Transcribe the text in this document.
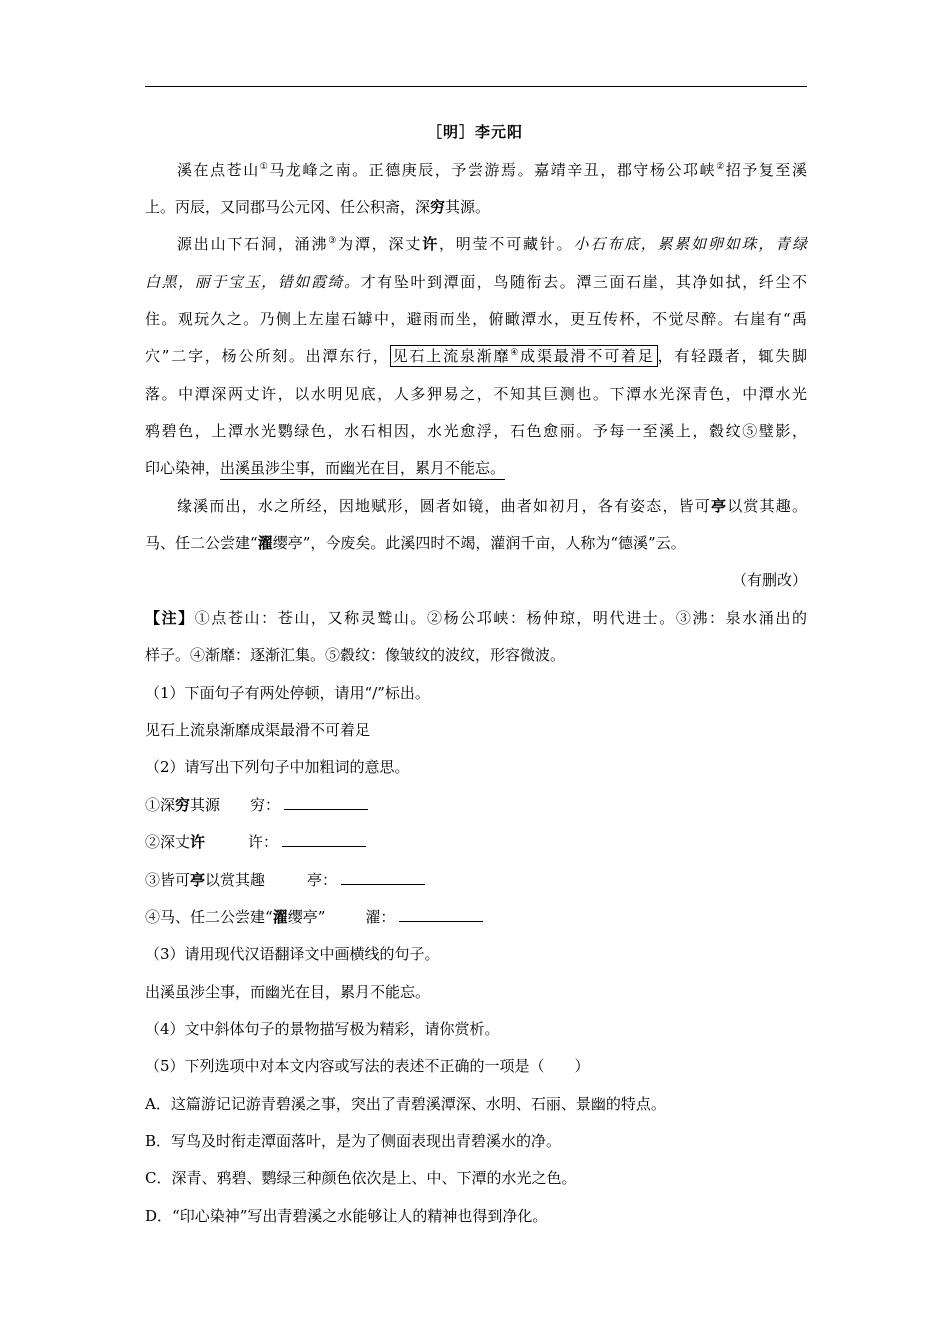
［明］李元阳
溪在点苍山①马龙峰之南。正德庚辰，予尝游焉。嘉靖辛丑，郡守杨公邛峡②招予复至溪
上。丙辰，又同郡马公元冈、任公积斋，深穷其源。
源出山下石洞，涌沸③为潭，深丈许，明莹不可藏针。小石布底，累累如卵如珠，青绿
白黑，丽于宝玉，错如霞绮。才有坠叶到潭面，鸟随衔去。潭三面石崖，其净如拭，纤尘不
住。观玩久之。乃侧上左崖石罅中，避雨而坐，俯瞰潭水，更互传杯，不觉尽醉。右崖有“禹
穴”二字，杨公所刻。出潭东行， 见石上流泉渐靡④成渠最滑不可着足 ，有轻蹑者，辄失脚
落。中潭深两丈许，以水明见底，人多狎易之，不知其巨测也。下潭水光深青色，中潭水光
鸦碧色，上潭水光鹦绿色，水石相因，水光愈浮，石色愈丽。予每一至溪上，縠纹⑤璧影，
印心染神，出溪虽涉尘事，而幽光在目，累月不能忘。
缘溪而出，水之所经，因地赋形，圆者如镜，曲者如初月，各有姿态，皆可亭以赏其趣。
马、任二公尝建“濯缨亭”，今废矣。此溪四时不竭，灌润千亩，人称为“德溪”云。
（有删改）
【注】①点苍山：苍山，又称灵鹫山。②杨公邛峡：杨仲琼，明代进士。③沸：泉水涌出的
样子。④渐靡：逐渐汇集。⑤縠纹：像皱纹的波纹，形容微波。
（1）下面句子有两处停顿，请用“/”标出。
见石上流泉渐靡成渠最滑不可着足
（2）请写出下列句子中加粗词的意思。
①深穷其源 穷：
②深丈许	许：
③皆可亭以赏其趣	亭：
④马、任二公尝建“濯缨亭”	濯：
（3）请用现代汉语翻译文中画横线的句子。
出溪虽涉尘事，而幽光在目，累月不能忘。
（4）文中斜体句子的景物描写极为精彩，请你赏析。
（5）下列选项中对本文内容或写法的表述不正确的一项是（　　）
A．这篇游记记游青碧溪之事，突出了青碧溪潭深、水明、石丽、景幽的特点。
B．写鸟及时衔走潭面落叶，是为了侧面表现出青碧溪水的净。
C．深青、鸦碧、鹦绿三种颜色依次是上、中、下潭的水光之色。
D．“印心染神”写出青碧溪之水能够让人的精神也得到净化。
